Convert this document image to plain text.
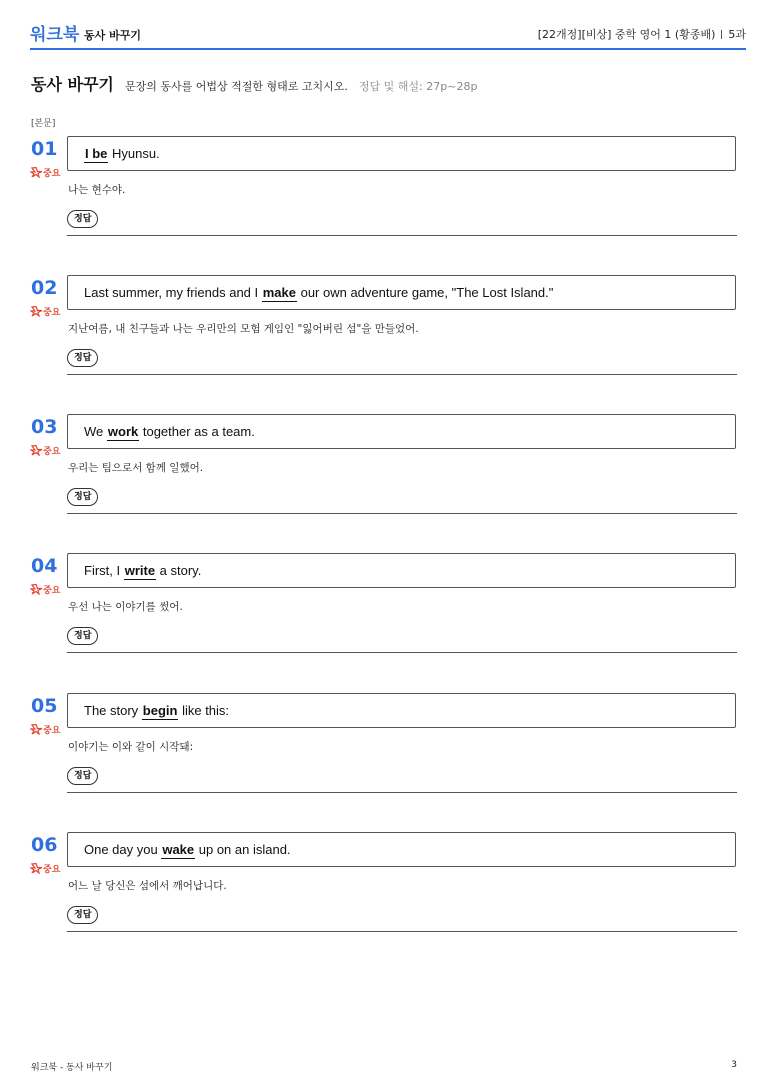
워크북 동사 바꾸기	[22개정][비상] 중학 영어 1 (황종배) 5과
동사 바꾸기 문장의 동사를 어법상 적절한 형태로 고치시오. 정답 및 해설: 27p~28p
[본문]
01
중요
I be Hyunsu.
나는 현수야.
정답
02
중요
Last summer, my friends and I make our own adventure game, "The Lost Island."
지난여름, 내 친구들과 나는 우리만의 모험 게임인 "잃어버린 섬"을 만들었어.
정답
03
중요
We work together as a team.
우리는 팀으로서 함께 일했어.
정답
04
중요
First, I write a story.
우선 나는 이야기를 썼어.
정답
05
중요
The story begin like this:
이야기는 이와 같이 시작돼:
정답
06
중요
One day you wake up on an island.
어느 날 당신은 섬에서 깨어납니다.
정답
워크북 - 동사 바꾸기	3
